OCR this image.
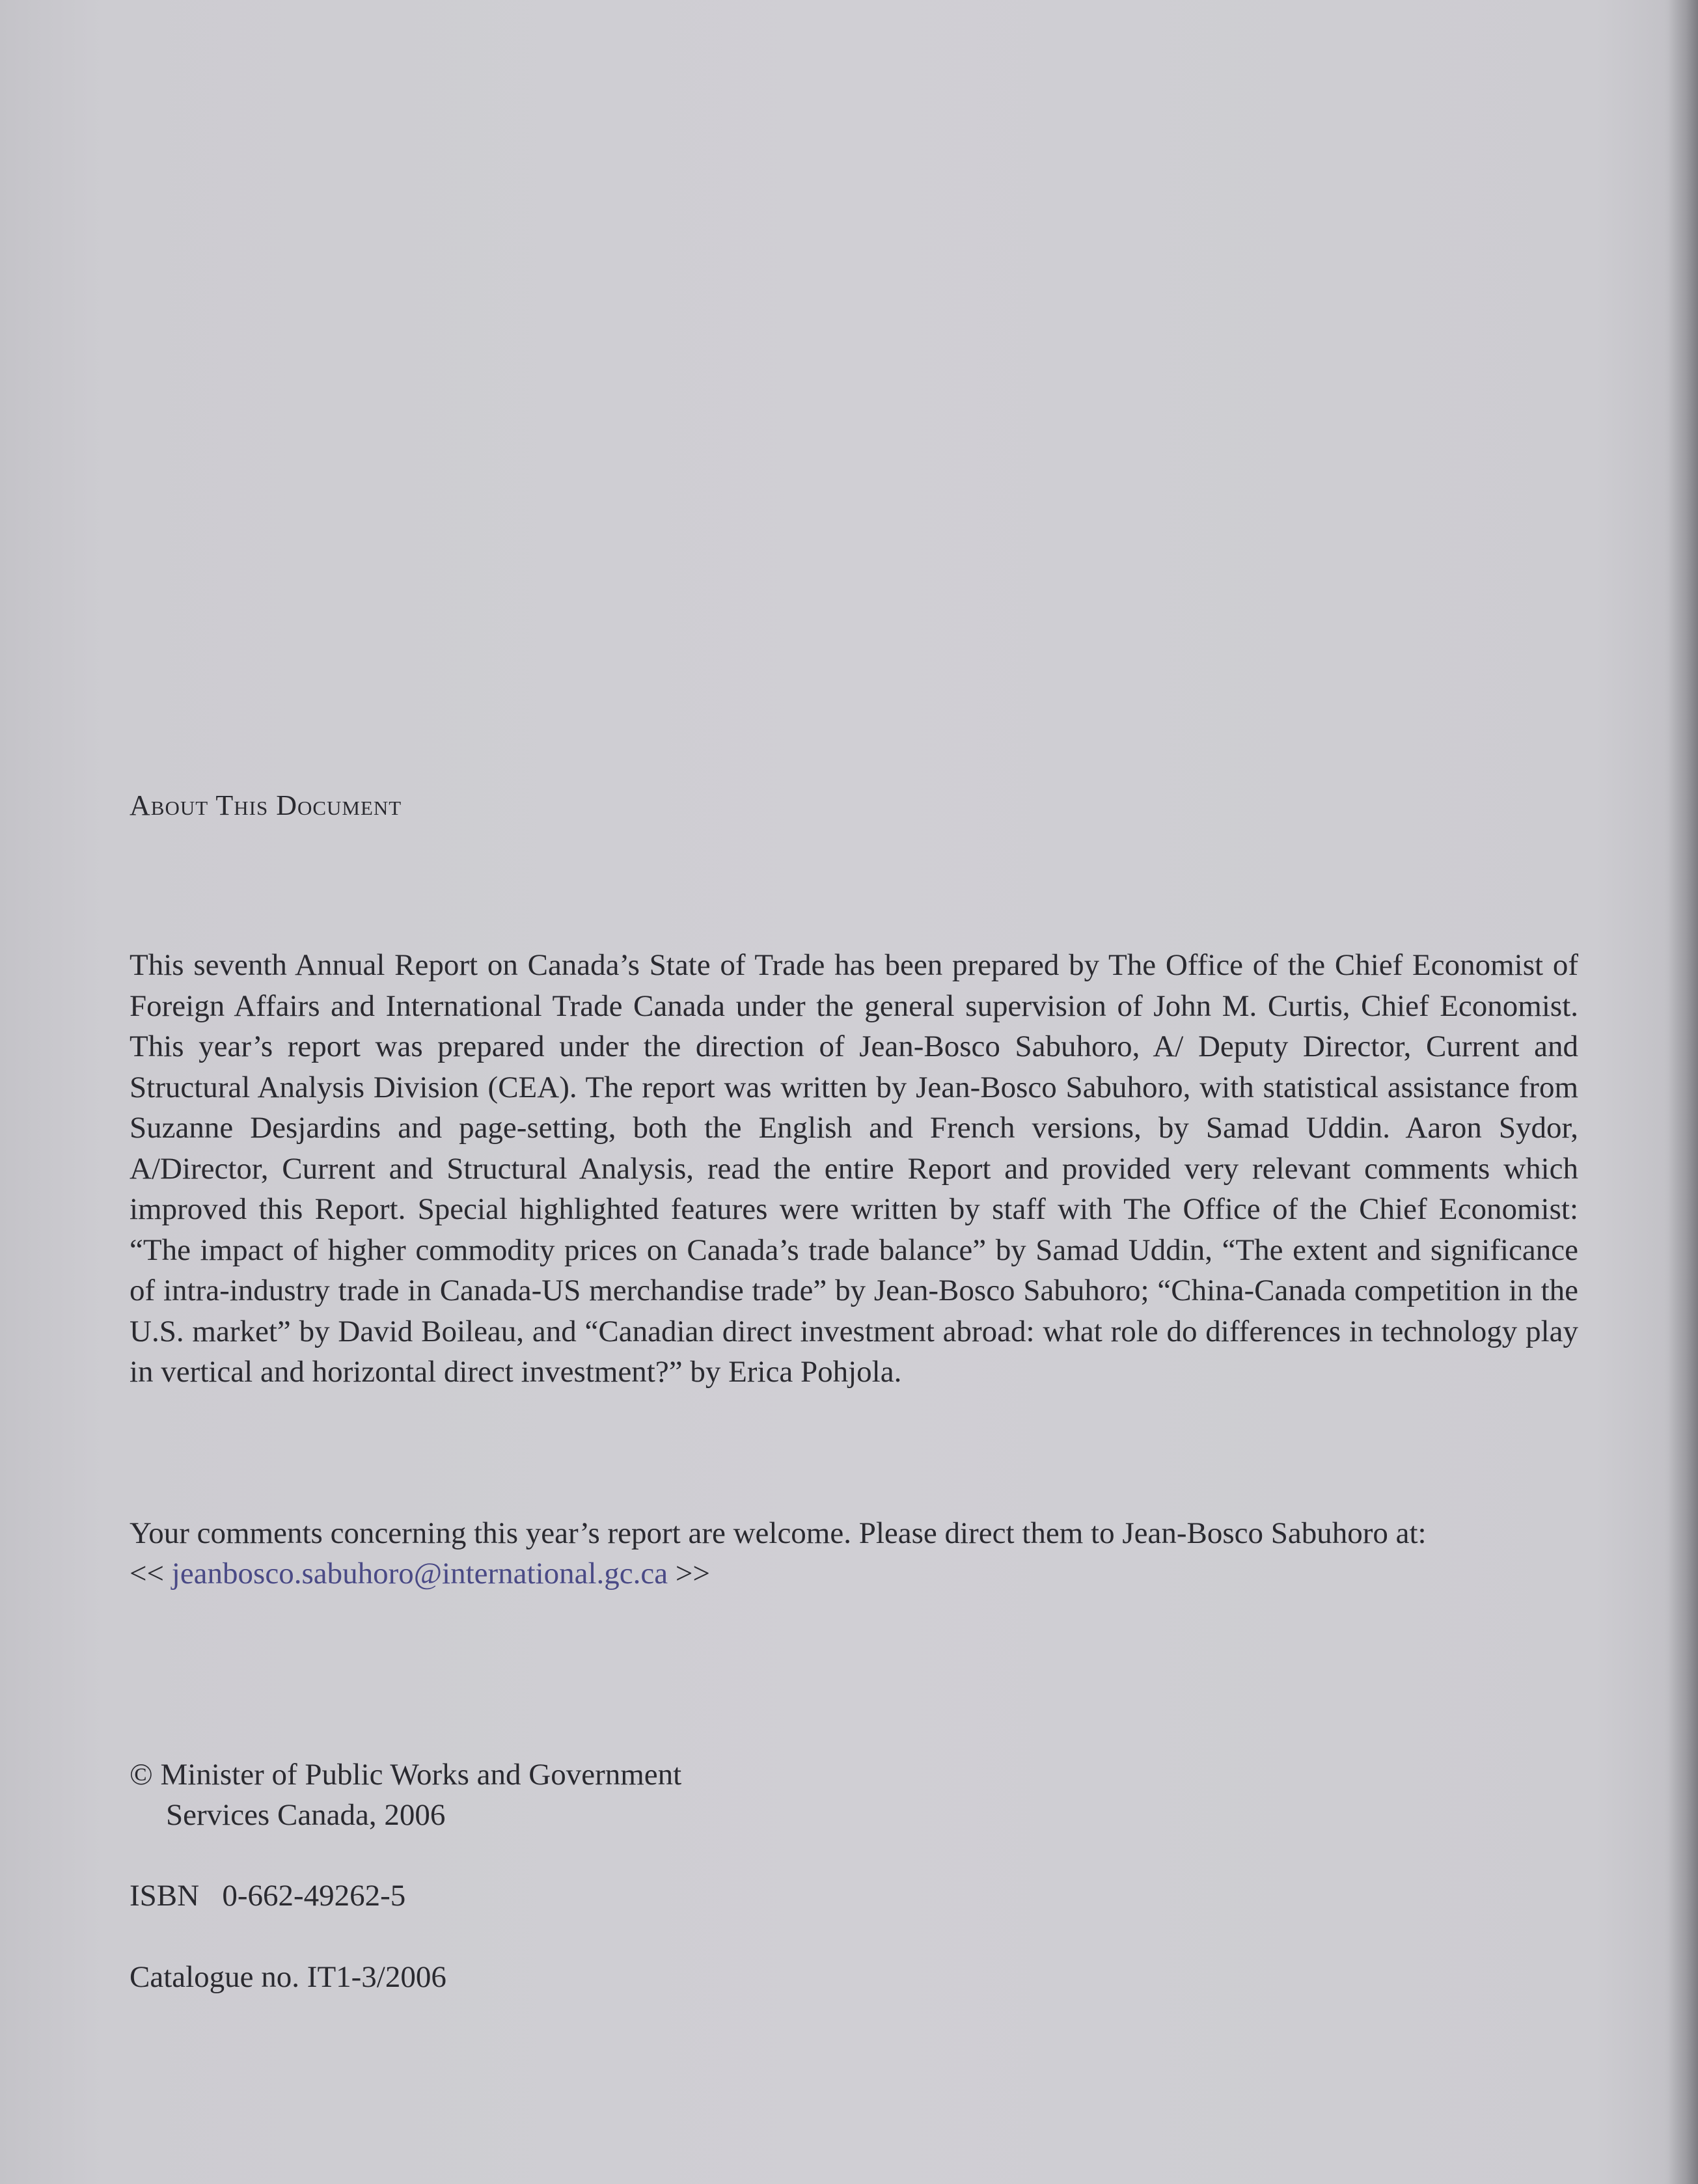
About This Document

This seventh Annual Report on Canada’s State of Trade has been prepared by The Office of the Chief Economist of Foreign Affairs and International Trade Canada under the general supervision of John M. Curtis, Chief Economist. This year’s report was prepared under the direction of Jean-Bosco Sabuhoro, A/ Deputy Director, Current and Structural Analysis Division (CEA). The report was written by Jean-Bosco Sabuhoro, with statistical assistance from Suzanne Desjardins and page-setting, both the English and French versions, by Samad Uddin. Aaron Sydor, A/Director, Current and Structural Analysis, read the entire Report and provided very relevant comments which improved this Report. Special highlighted features were written by staff with The Office of the Chief Economist: “The impact of higher commodity prices on Canada’s trade balance” by Samad Uddin, “The extent and significance of intra-industry trade in Canada-US merchandise trade” by Jean-Bosco Sabuhoro; “China-Canada competition in the U.S. market” by David Boileau, and “Canadian direct investment abroad: what role do differences in technology play in vertical and horizontal direct investment?” by Erica Pohjola.

Your comments concerning this year’s report are welcome. Please direct them to Jean-Bosco Sabuhoro at:
<< jeanbosco.sabuhoro@international.gc.ca >>

© Minister of Public Works and Government
Services Canada, 2006

ISBN   0-662-49262-5

Catalogue no. IT1-3/2006
